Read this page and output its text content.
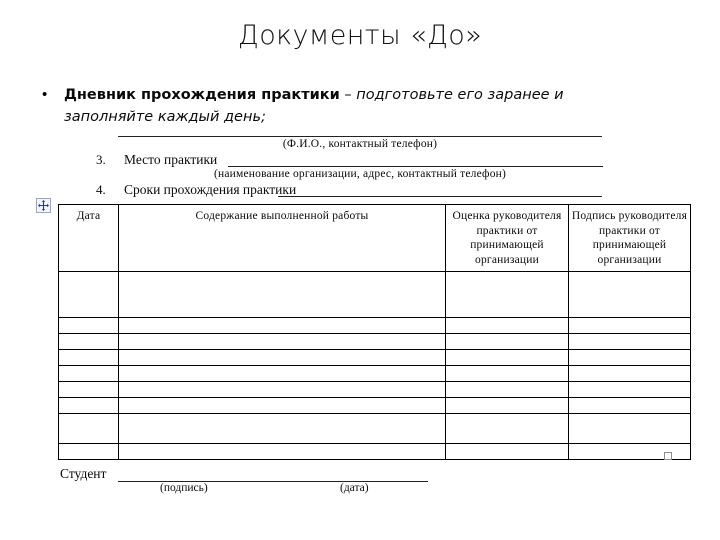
Документы «До»
•	Дневник прохождения практики – подготовьте его заранее и заполняйте каждый день;
(Ф.И.О., контактный телефон)
3. Место практики
(наименование организации, адрес, контактный телефон)
4. Сроки прохождения практики
Дата	Содержание выполненной работы	Оценка руководителя практики от принимающей организации	Подпись руководителя практики от принимающей организации

Студент
(подпись)	(дата)
